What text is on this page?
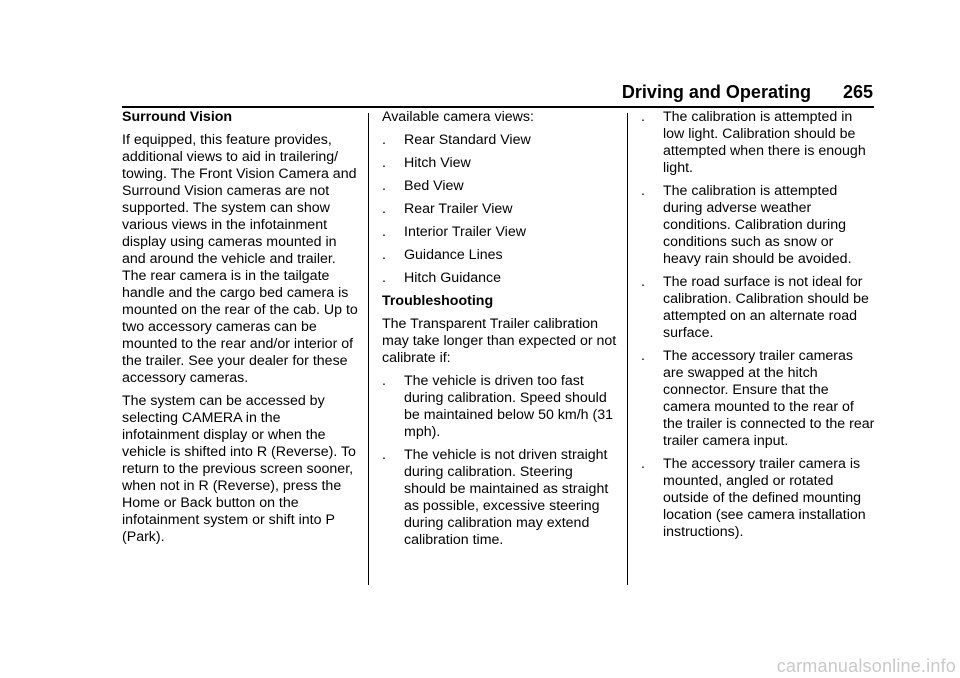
Driving and Operating 265
Surround Vision

If equipped, this feature provides, additional views to aid in trailering/ towing. The Front Vision Camera and Surround Vision cameras are not supported. The system can show various views in the infotainment display using cameras mounted in and around the vehicle and trailer. The rear camera is in the tailgate handle and the cargo bed camera is mounted on the rear of the cab. Up to two accessory cameras can be mounted to the rear and/or interior of the trailer. See your dealer for these accessory cameras.

The system can be accessed by selecting CAMERA in the infotainment display or when the vehicle is shifted into R (Reverse). To return to the previous screen sooner, when not in R (Reverse), press the Home or Back button on the infotainment system or shift into P (Park).

Available camera views:

. Rear Standard View
. Hitch View
. Bed View
. Rear Trailer View
. Interior Trailer View
. Guidance Lines
. Hitch Guidance
Troubleshooting

The Transparent Trailer calibration may take longer than expected or not calibrate if:

. The vehicle is driven too fast during calibration. Speed should be maintained below 50 km/h (31 mph).
. The vehicle is not driven straight during calibration. Steering should be maintained as straight as possible, excessive steering during calibration may extend calibration time.
. The calibration is attempted in low light. Calibration should be attempted when there is enough light.
. The calibration is attempted during adverse weather conditions. Calibration during conditions such as snow or heavy rain should be avoided.
. The road surface is not ideal for calibration. Calibration should be attempted on an alternate road surface.
. The accessory trailer cameras are swapped at the hitch connector. Ensure that the camera mounted to the rear of the trailer is connected to the rear trailer camera input.
. The accessory trailer camera is mounted, angled or rotated outside of the defined mounting location (see camera installation instructions).
carmanualsonline.info
